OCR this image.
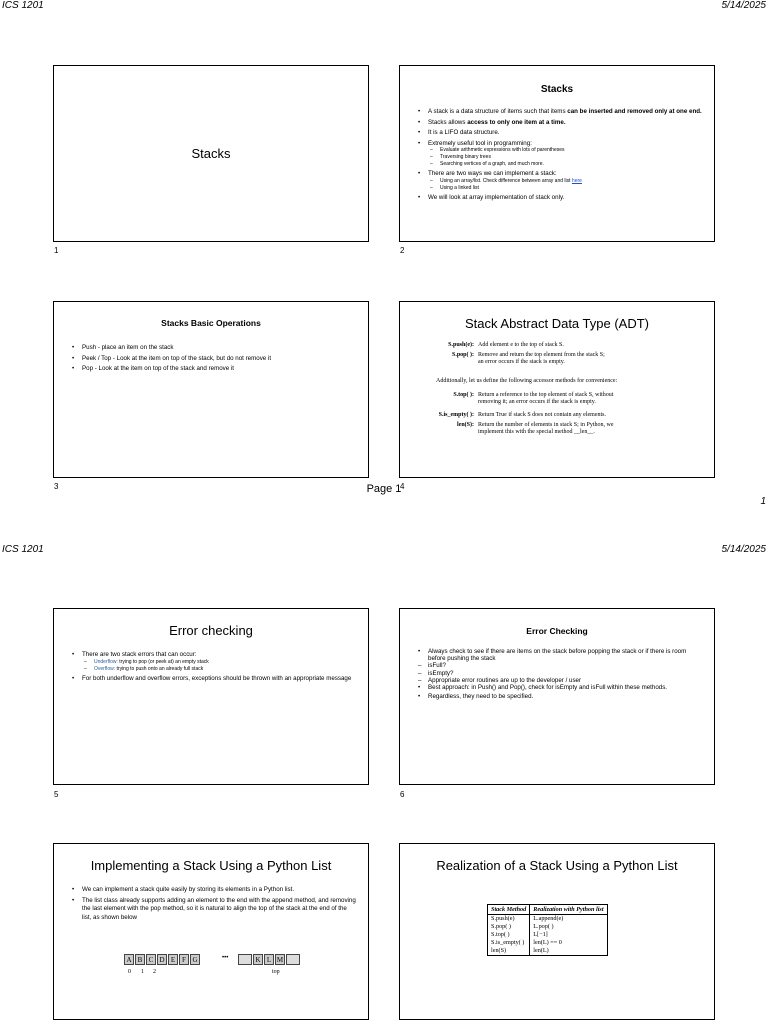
ICS 1201	5/14/2025
Stacks
·
1
Stacks
• A stack is a data structure of items such that items can be inserted and removed only at one end.
• Stacks allows access to only one item at a time.
• It is a LIFO data structure.
• Extremely useful tool in programming:
– Evaluate arithmetic expressions with lots of parentheses
– Traversing binary trees
– Searching vertices of a graph, and much more.
• There are two ways we can implement a stack:
– Using an array/list. Check difference between array and list here
– Using a linked list
• We will look at array implementation of stack only.
2
Stacks Basic Operations
• Push - place an item on the stack
• Peek / Top - Look at the item on top of the stack, but do not remove it
• Pop - Look at the item on top of the stack and remove it
3
Stack Abstract Data Type (ADT)
S.push(e): Add element e to the top of stack S.
S.pop( ): Remove and return the top element from the stack S;
an error occurs if the stack is empty.
Additionally, let us define the following accessor methods for convenience:
S.top( ): Return a reference to the top element of stack S, without
removing it; an error occurs if the stack is empty.
S.is_empty( ): Return True if stack S does not contain any elements.
len(S): Return the number of elements in stack S; in Python, we
implement this with the special method __len__.
4
Page 1
1
ICS 1201	5/14/2025
Error checking
• There are two stack errors that can occur:
– Underflow: trying to pop (or peek at) an empty stack
– Overflow: trying to push onto an already full stack
• For both underflow and overflow errors, exceptions should be thrown with an appropriate message
5
Error Checking
• Always check to see if there are items on the stack before popping the stack or if there is room before pushing the stack
– isFull?
– isEmpty?
– Appropriate error routines are up to the developer / user
• Best approach: in Push() and Pop(), check for isEmpty and isFull within these methods.
• Regardless, they need to be specified.
6
Implementing a Stack Using a Python List
• We can implement a stack quite easily by storing its elements in a Python list.
• The list class already supports adding an element to the end with the append method, and removing the last element with the pop method, so it is natural to align the top of the stack at the end of the list, as shown below
A B C D E F G	•••	K L M
0 1 2	top
Realization of a Stack Using a Python List
Stack Method	Realization with Python list
S.push(e)	L.append(e)
S.pop( )	L.pop( )
S.top( )	L[−1]
S.is_empty( )	len(L) == 0
len(S)	len(L)
